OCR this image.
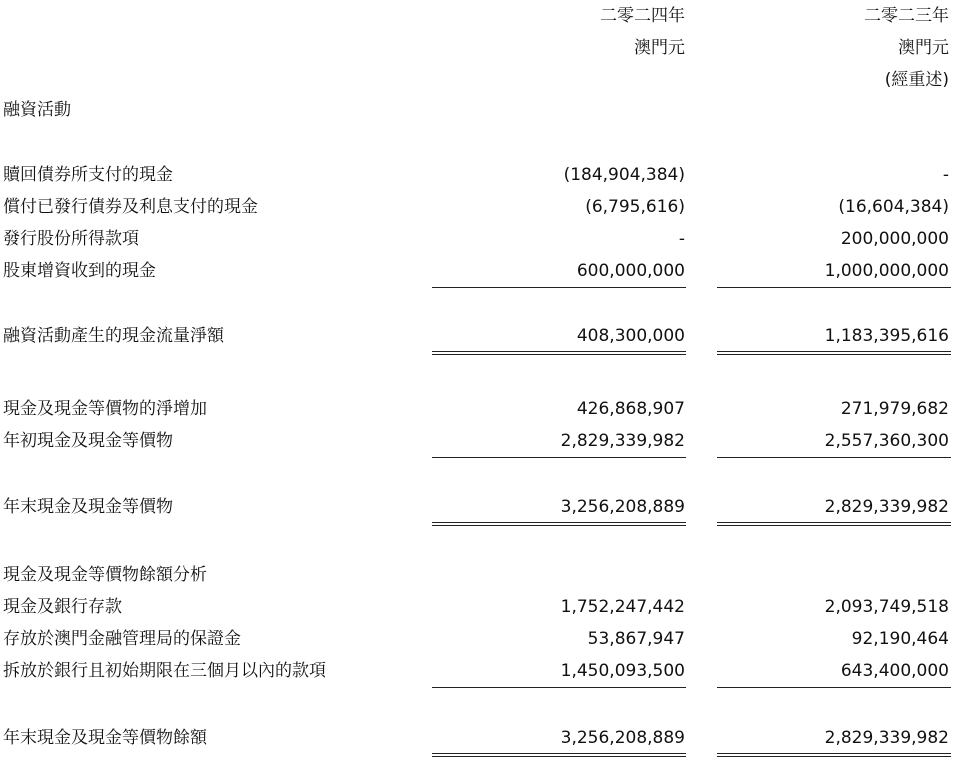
二零二四年
澳門元
二零二三年
澳門元
(經重述)
融資活動
贖回債券所支付的現金	(184,904,384)	-
償付已發行債券及利息支付的現金	(6,795,616)	(16,604,384)
發行股份所得款項	-	200,000,000
股東增資收到的現金	600,000,000	1,000,000,000
融資活動產生的現金流量淨額	408,300,000	1,183,395,616
現金及現金等價物的淨增加	426,868,907	271,979,682
年初現金及現金等價物	2,829,339,982	2,557,360,300
年末現金及現金等價物	3,256,208,889	2,829,339,982
現金及現金等價物餘額分析
現金及銀行存款	1,752,247,442	2,093,749,518
存放於澳門金融管理局的保證金	53,867,947	92,190,464
拆放於銀行且初始期限在三個月以內的款項	1,450,093,500	643,400,000
年末現金及現金等價物餘額	3,256,208,889	2,829,339,982
